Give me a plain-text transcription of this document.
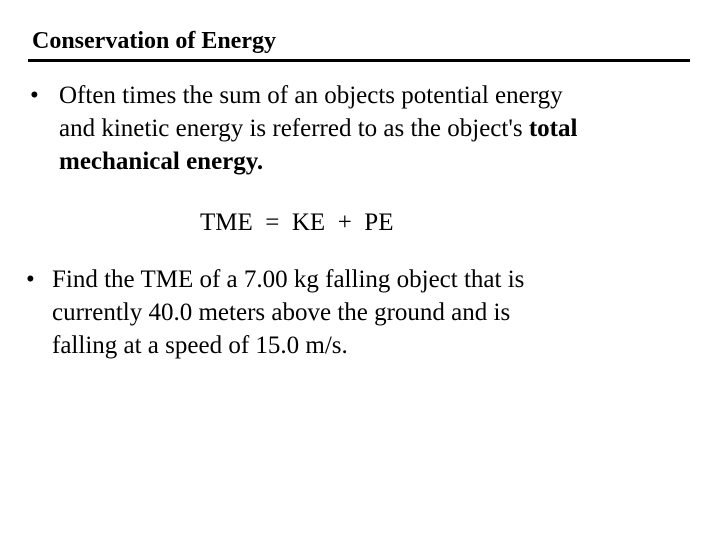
Conservation of Energy
• Often times the sum of an objects potential energy
and kinetic energy is referred to as the object's total
mechanical energy.
TME  =  KE  +  PE
• Find the TME of a 7.00 kg falling object that is
currently 40.0 meters above the ground and is
falling at a speed of 15.0 m/s.
